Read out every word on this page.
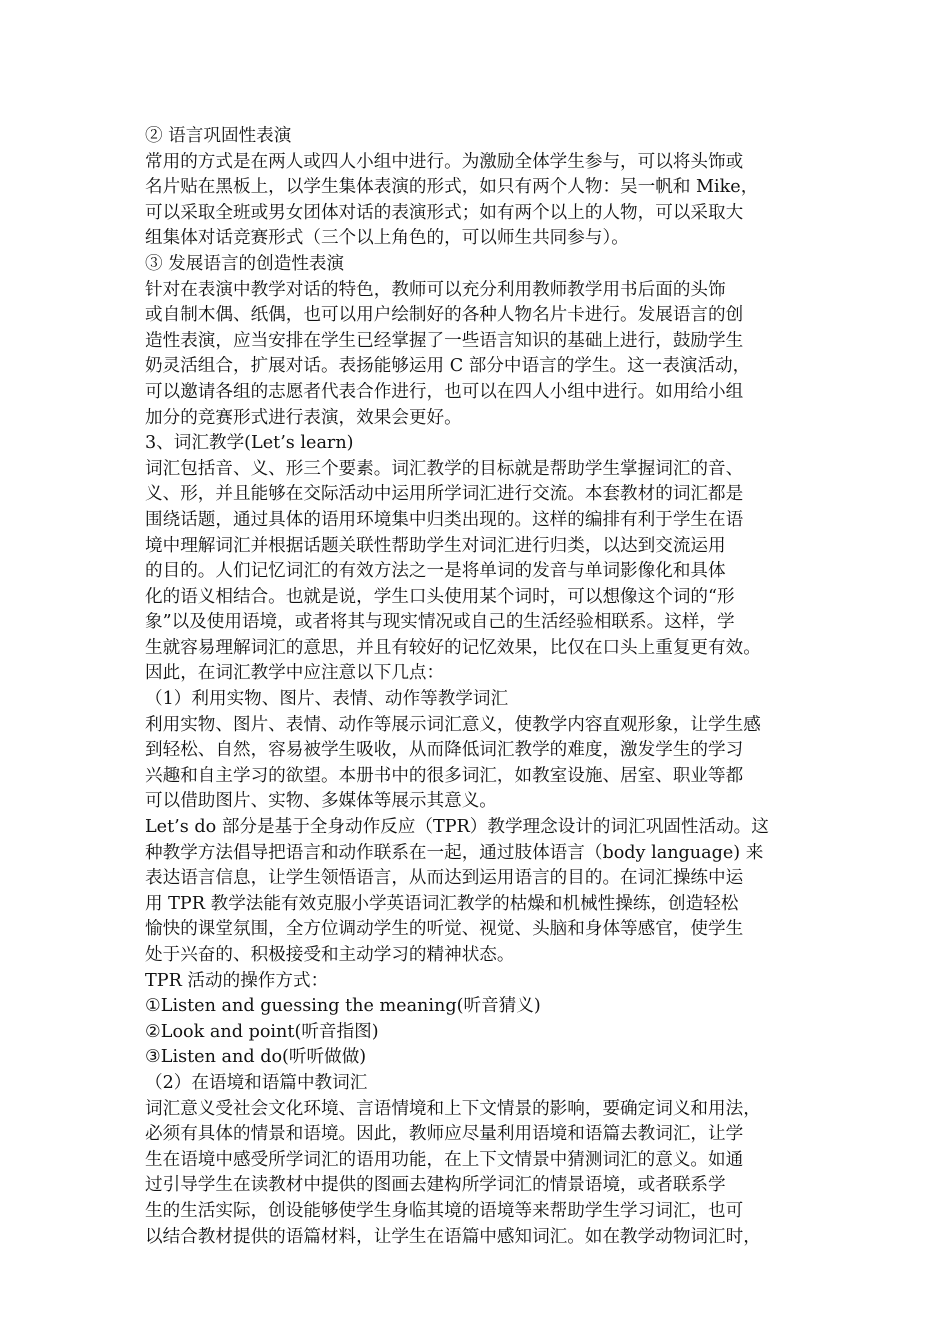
② 语言巩固性表演
常用的方式是在两人或四人小组中进行。为激励全体学生参与，可以将头饰或
名片贴在黑板上，以学生集体表演的形式，如只有两个人物：吴一帆和 Mike，
可以采取全班或男女团体对话的表演形式；如有两个以上的人物，可以采取大
组集体对话竞赛形式（三个以上角色的，可以师生共同参与）。
③ 发展语言的创造性表演
针对在表演中教学对话的特色，教师可以充分利用教师教学用书后面的头饰
或自制木偶、纸偶，也可以用户绘制好的各种人物名片卡进行。发展语言的创
造性表演，应当安排在学生已经掌握了一些语言知识的基础上进行，鼓励学生
奶灵活组合，扩展对话。表扬能够运用 C 部分中语言的学生。这一表演活动，
可以邀请各组的志愿者代表合作进行，也可以在四人小组中进行。如用给小组
加分的竞赛形式进行表演，效果会更好。
3、词汇教学(Let’s learn)
词汇包括音、义、形三个要素。词汇教学的目标就是帮助学生掌握词汇的音、
义、形，并且能够在交际活动中运用所学词汇进行交流。本套教材的词汇都是
围绕话题，通过具体的语用环境集中归类出现的。这样的编排有利于学生在语
境中理解词汇并根据话题关联性帮助学生对词汇进行归类，以达到交流运用
的目的。人们记忆词汇的有效方法之一是将单词的发音与单词影像化和具体
化的语义相结合。也就是说，学生口头使用某个词时，可以想像这个词的“形
象”以及使用语境，或者将其与现实情况或自己的生活经验相联系。这样，学
生就容易理解词汇的意思，并且有较好的记忆效果，比仅在口头上重复更有效。
因此，在词汇教学中应注意以下几点：
（1）利用实物、图片、表情、动作等教学词汇
利用实物、图片、表情、动作等展示词汇意义，使教学内容直观形象，让学生感
到轻松、自然，容易被学生吸收，从而降低词汇教学的难度，激发学生的学习
兴趣和自主学习的欲望。本册书中的很多词汇，如教室设施、居室、职业等都
可以借助图片、实物、多媒体等展示其意义。
Let’s do 部分是基于全身动作反应（TPR）教学理念设计的词汇巩固性活动。这
种教学方法倡导把语言和动作联系在一起，通过肢体语言（body language) 来
表达语言信息，让学生领悟语言，从而达到运用语言的目的。在词汇操练中运
用 TPR 教学法能有效克服小学英语词汇教学的枯燥和机械性操练，创造轻松
愉快的课堂氛围，全方位调动学生的听觉、视觉、头脑和身体等感官，使学生
处于兴奋的、积极接受和主动学习的精神状态。
TPR 活动的操作方式：
①Listen and guessing the meaning(听音猜义)
②Look and point(听音指图)
③Listen and do(听听做做)
（2）在语境和语篇中教词汇
词汇意义受社会文化环境、言语情境和上下文情景的影响，要确定词义和用法，
必须有具体的情景和语境。因此，教师应尽量利用语境和语篇去教词汇，让学
生在语境中感受所学词汇的语用功能，在上下文情景中猜测词汇的意义。如通
过引导学生在读教材中提供的图画去建构所学词汇的情景语境，或者联系学
生的生活实际，创设能够使学生身临其境的语境等来帮助学生学习词汇，也可
以结合教材提供的语篇材料，让学生在语篇中感知词汇。如在教学动物词汇时，
